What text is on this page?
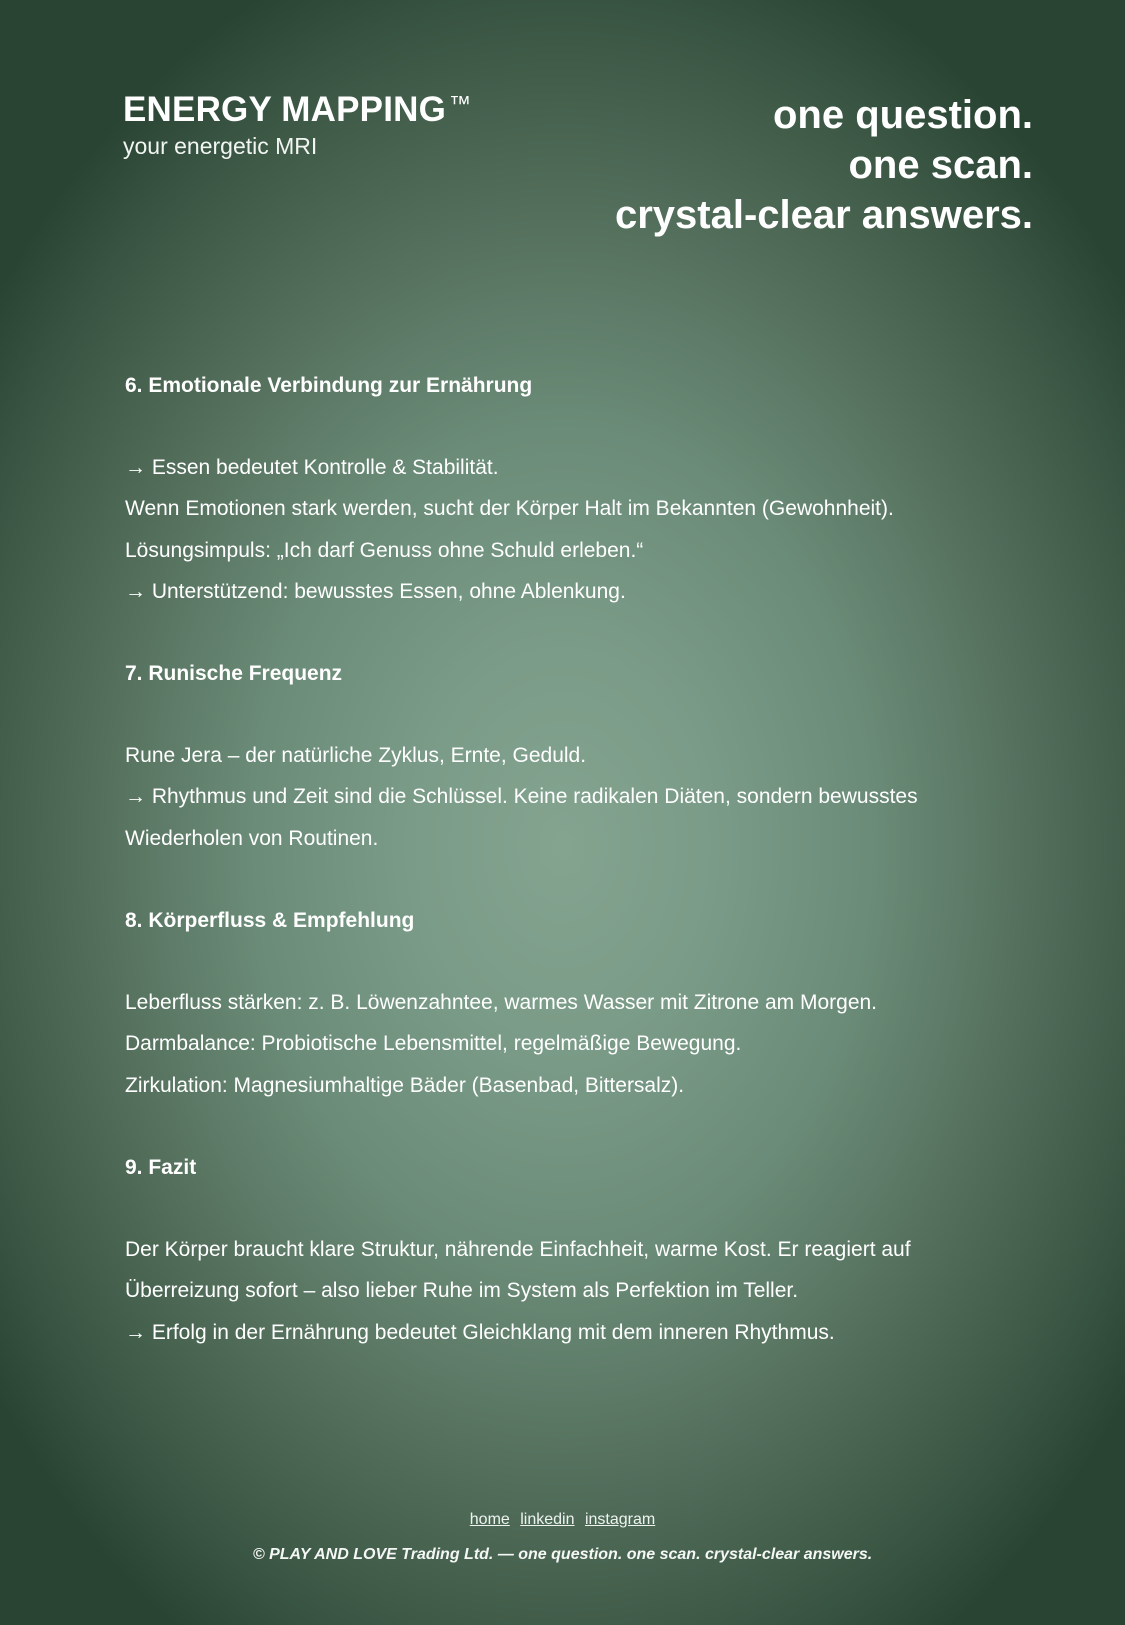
ENERGY MAPPING ™
your energetic MRI
one question.
one scan.
crystal-clear answers.
6. Emotionale Verbindung zur Ernährung

→ Essen bedeutet Kontrolle & Stabilität.

Wenn Emotionen stark werden, sucht der Körper Halt im Bekannten (Gewohnheit).

Lösungsimpuls: „Ich darf Genuss ohne Schuld erleben.“

→ Unterstützend: bewusstes Essen, ohne Ablenkung.

7. Runische Frequenz

Rune Jera – der natürliche Zyklus, Ernte, Geduld.

→ Rhythmus und Zeit sind die Schlüssel. Keine radikalen Diäten, sondern bewusstes Wiederholen von Routinen.

8. Körperfluss & Empfehlung

Leberfluss stärken: z. B. Löwenzahntee, warmes Wasser mit Zitrone am Morgen.

Darmbalance: Probiotische Lebensmittel, regelmäßige Bewegung.

Zirkulation: Magnesiumhaltige Bäder (Basenbad, Bittersalz).

9. Fazit

Der Körper braucht klare Struktur, nährende Einfachheit, warme Kost. Er reagiert auf Überreizung sofort – also lieber Ruhe im System als Perfektion im Teller.

→ Erfolg in der Ernährung bedeutet Gleichklang mit dem inneren Rhythmus.

home linkedin instagram
© PLAY AND LOVE Trading Ltd. — one question. one scan. crystal-clear answers.
